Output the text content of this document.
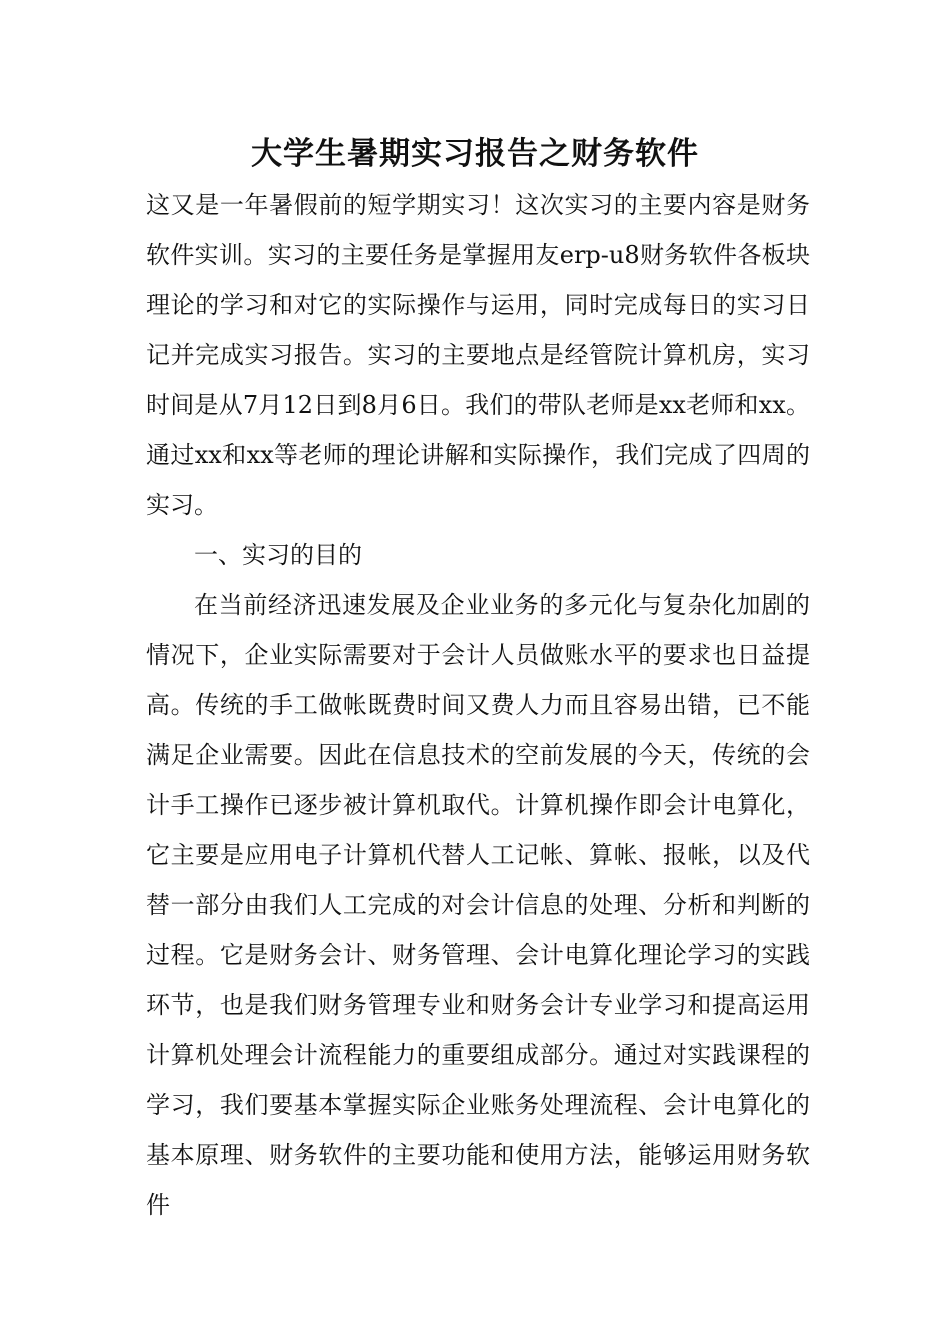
大学生暑期实习报告之财务软件

这又是一年暑假前的短学期实习！这次实习的主要内容是财务软件实训。实习的主要任务是掌握用友erp-u8财务软件各板块理论的学习和对它的实际操作与运用，同时完成每日的实习日记并完成实习报告。实习的主要地点是经管院计算机房，实习时间是从7月12日到8月6日。我们的带队老师是xx老师和xx。通过xx和xx等老师的理论讲解和实际操作，我们完成了四周的实习。

一、实习的目的

在当前经济迅速发展及企业业务的多元化与复杂化加剧的情况下，企业实际需要对于会计人员做账水平的要求也日益提高。传统的手工做帐既费时间又费人力而且容易出错，已不能满足企业需要。因此在信息技术的空前发展的今天，传统的会计手工操作已逐步被计算机取代。计算机操作即会计电算化，它主要是应用电子计算机代替人工记帐、算帐、报帐，以及代替一部分由我们人工完成的对会计信息的处理、分析和判断的过程。它是财务会计、财务管理、会计电算化理论学习的实践环节，也是我们财务管理专业和财务会计专业学习和提高运用计算机处理会计流程能力的重要组成部分。通过对实践课程的学习，我们要基本掌握实际企业账务处理流程、会计电算化的基本原理、财务软件的主要功能和使用方法，能够运用财务软件
